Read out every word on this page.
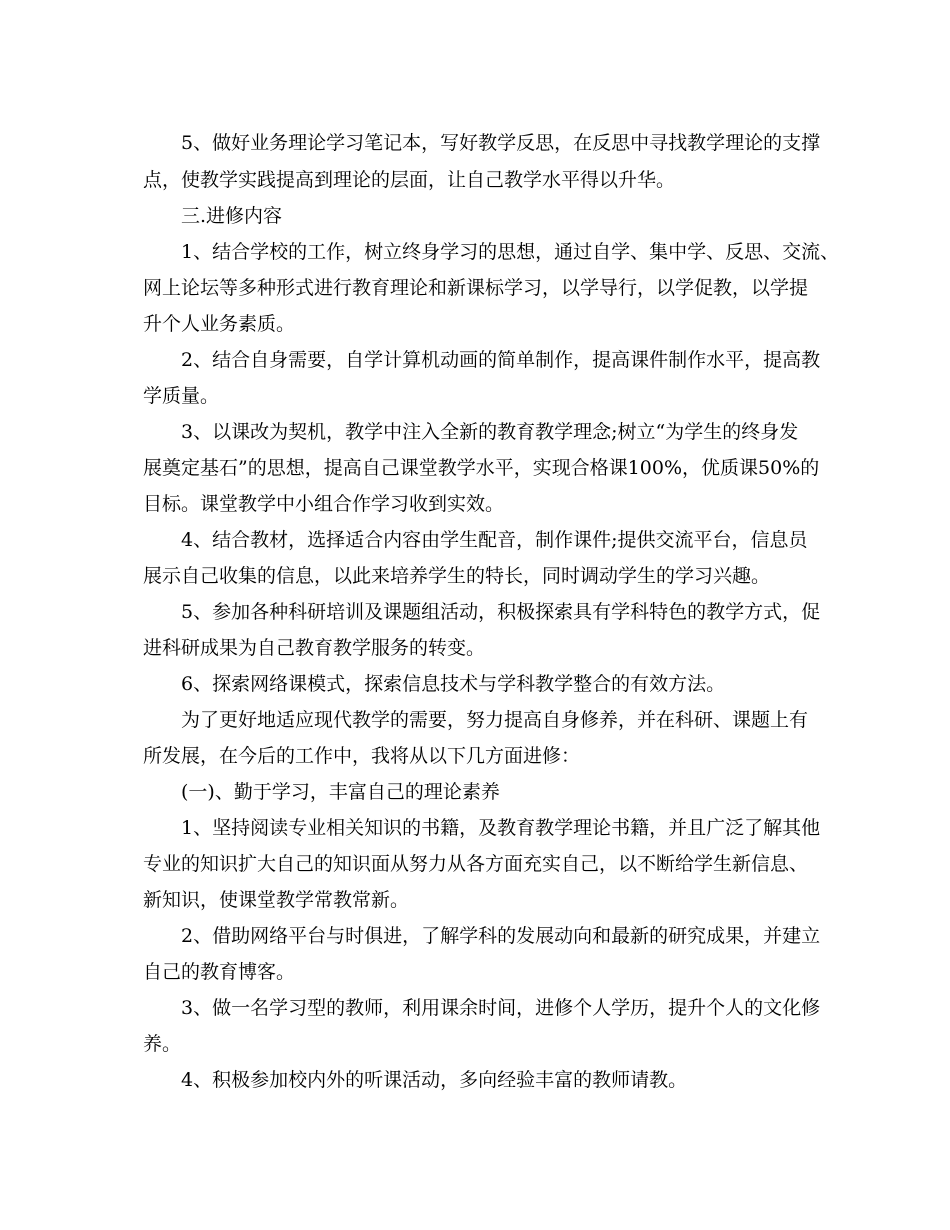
5、做好业务理论学习笔记本，写好教学反思，在反思中寻找教学理论的支撑
点，使教学实践提高到理论的层面，让自己教学水平得以升华。
三.进修内容
1、结合学校的工作，树立终身学习的思想，通过自学、集中学、反思、交流、
网上论坛等多种形式进行教育理论和新课标学习，以学导行，以学促教，以学提
升个人业务素质。
2、结合自身需要，自学计算机动画的简单制作，提高课件制作水平，提高教
学质量。
3、以课改为契机，教学中注入全新的教育教学理念;树立“为学生的终身发
展奠定基石”的思想，提高自己课堂教学水平，实现合格课100%，优质课50%的
目标。课堂教学中小组合作学习收到实效。
4、结合教材，选择适合内容由学生配音，制作课件;提供交流平台，信息员
展示自己收集的信息，以此来培养学生的特长，同时调动学生的学习兴趣。
5、参加各种科研培训及课题组活动，积极探索具有学科特色的教学方式，促
进科研成果为自己教育教学服务的转变。
6、探索网络课模式，探索信息技术与学科教学整合的有效方法。
为了更好地适应现代教学的需要，努力提高自身修养，并在科研、课题上有
所发展，在今后的工作中，我将从以下几方面进修：
(一)、勤于学习，丰富自己的理论素养
1、坚持阅读专业相关知识的书籍，及教育教学理论书籍，并且广泛了解其他
专业的知识扩大自己的知识面从努力从各方面充实自己，以不断给学生新信息、
新知识，使课堂教学常教常新。
2、借助网络平台与时俱进，了解学科的发展动向和最新的研究成果，并建立
自己的教育博客。
3、做一名学习型的教师，利用课余时间，进修个人学历，提升个人的文化修
养。
4、积极参加校内外的听课活动，多向经验丰富的教师请教。
